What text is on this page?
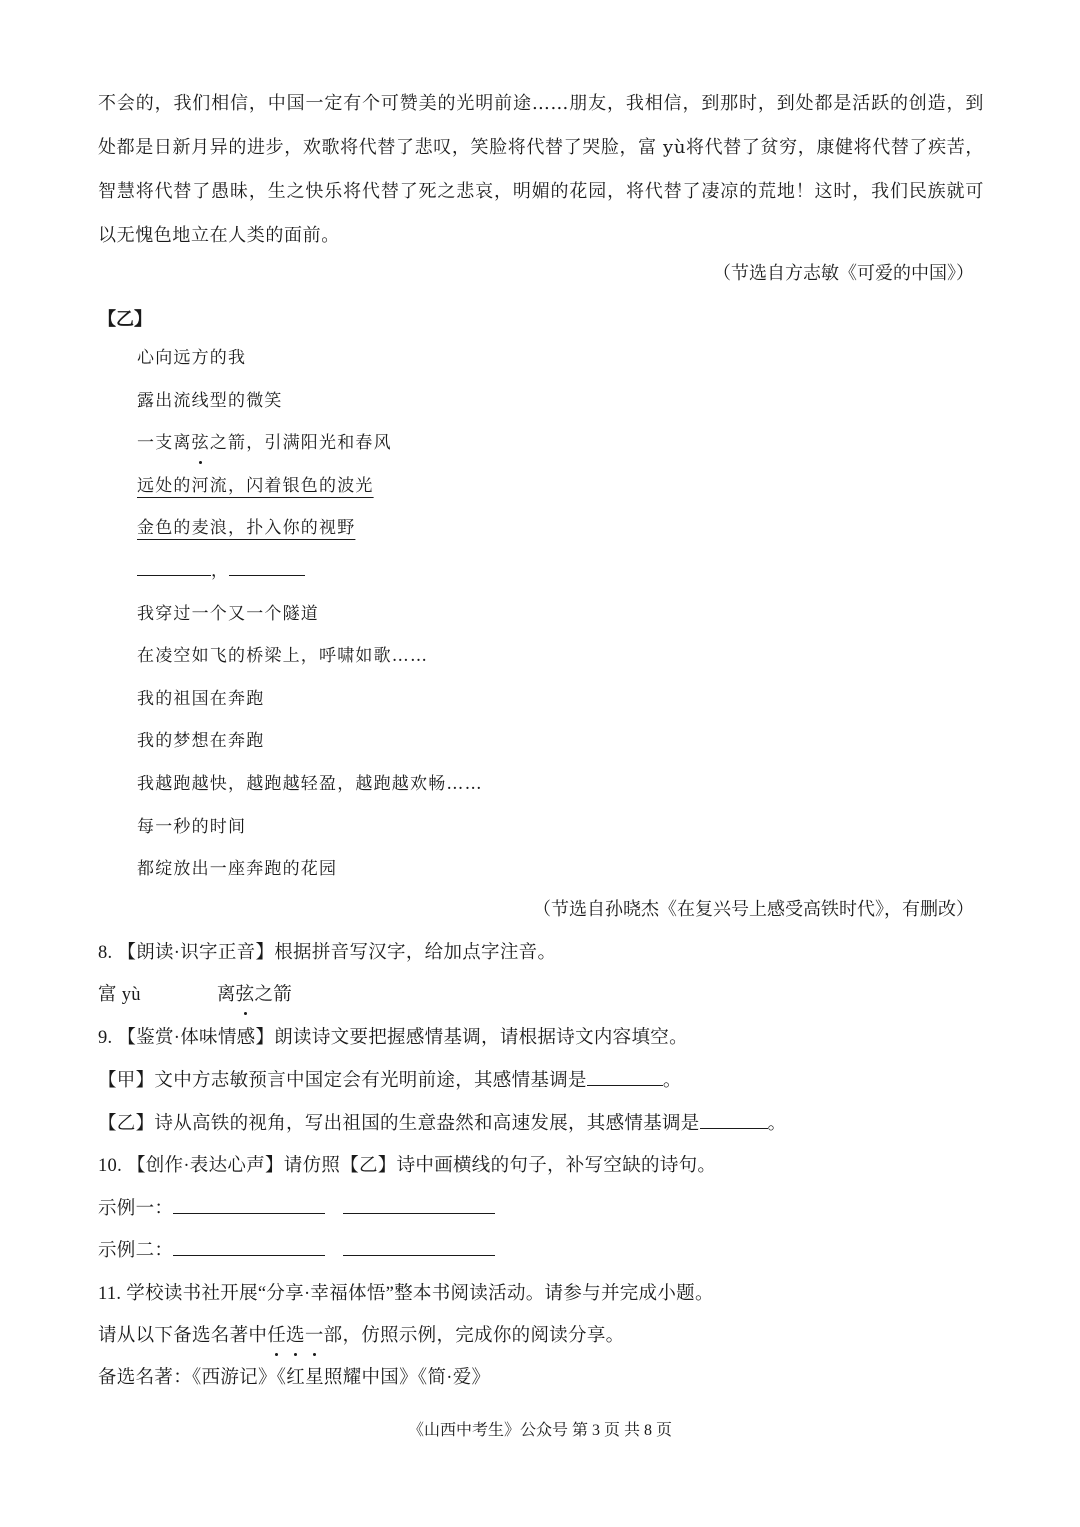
不会的，我们相信，中国一定有个可赞美的光明前途……朋友，我相信，到那时，到处都是活跃的创造，到处都是日新月异的进步，欢歌将代替了悲叹，笑脸将代替了哭脸，富 yù将代替了贫穷，康健将代替了疾苦，智慧将代替了愚昧，生之快乐将代替了死之悲哀，明媚的花园，将代替了凄凉的荒地！这时，我们民族就可以无愧色地立在人类的面前。

（节选自方志敏《可爱的中国》）

【乙】

心向远方的我
露出流线型的微笑
一支离弦之箭，引满阳光和春风
远处的河流，闪着银色的波光
金色的麦浪，扑入你的视野
，
我穿过一个又一个隧道
在凌空如飞的桥梁上，呼啸如歌……
我的祖国在奔跑
我的梦想在奔跑
我越跑越快，越跑越轻盈，越跑越欢畅……
每一秒的时间
都绽放出一座奔跑的花园

（节选自孙晓杰《在复兴号上感受高铁时代》，有删改）

8. 【朗读·识字正音】根据拼音写汉字，给加点字注音。

富 yù	离弦之箭

9. 【鉴赏·体味情感】朗读诗文要把握感情基调，请根据诗文内容填空。

【甲】文中方志敏预言中国定会有光明前途，其感情基调是	。

【乙】诗从高铁的视角，写出祖国的生意盎然和高速发展，其感情基调是	。

10. 【创作·表达心声】请仿照【乙】诗中画横线的句子，补写空缺的诗句。

示例一：

示例二：

11. 学校读书社开展“分享·幸福体悟”整本书阅读活动。请参与并完成小题。

请从以下备选名著中任选一部，仿照示例，完成你的阅读分享。

备选名著：《西游记》《红星照耀中国》《简·爱》

《山西中考生》公众号 第 3 页 共 8 页
